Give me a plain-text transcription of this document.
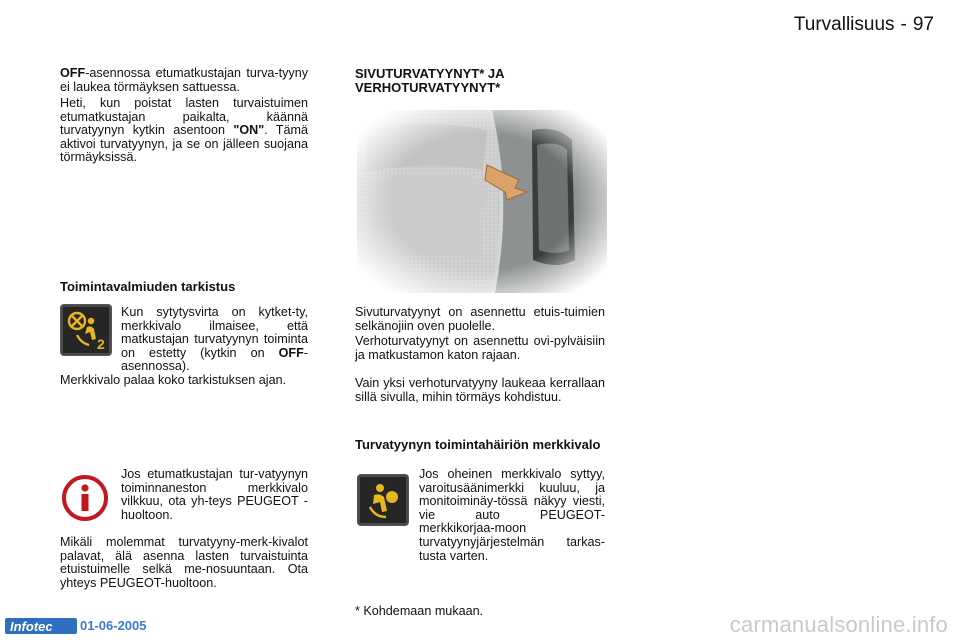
Turvallisuus - 97
OFF-asennossa etumatkustajan turva-tyyny ei laukea törmäyksen sattuessa.
Heti, kun poistat lasten turvaistuimen etumatkustajan paikalta, käännä turvatyynyn kytkin asentoon "ON". Tämä aktivoi turvatyynyn, ja se on jälleen suojana törmäyksissä.
Toimintavalmiuden tarkistus
2
Kun sytytysvirta on kytket-ty, merkkivalo ilmaisee, että matkustajan turvatyynyn toiminta on estetty (kytkin on OFF-asennossa).
Merkkivalo palaa koko tarkistuksen ajan.
Jos etumatkustajan tur-vatyynyn toiminnaneston merkkivalo vilkkuu, ota yh-teys PEUGEOT -huoltoon.
Mikäli molemmat turvatyyny-merk-kivalot palavat, älä asenna lasten turvaistuinta etuistuimelle selkä me-nosuuntaan. Ota yhteys PEUGEOT-huoltoon.
SIVUTURVATYYNYT* JA VERHOTURVATYYNYT*
Sivuturvatyynyt on asennettu etuis-tuimien selkänojiin oven puolelle.
Verhoturvatyynyt on asennettu ovi-pylväisiin ja matkustamon katon rajaan.
Vain yksi verhoturvatyyny laukeaa kerrallaan sillä sivulla, mihin törmäys kohdistuu.
Turvatyynyn toimintahäiriön merkkivalo
Jos oheinen merkkivalo syttyy, varoitusäänimerkki kuuluu, ja monitoiminäy-tössä näkyy viesti, vie auto PEUGEOT-merkkikorjaa-moon turvatyynyjärjestelmän tarkas-tusta varten.
* Kohdemaan mukaan.
Infotec 01-06-2005	carmanualsonline.info
